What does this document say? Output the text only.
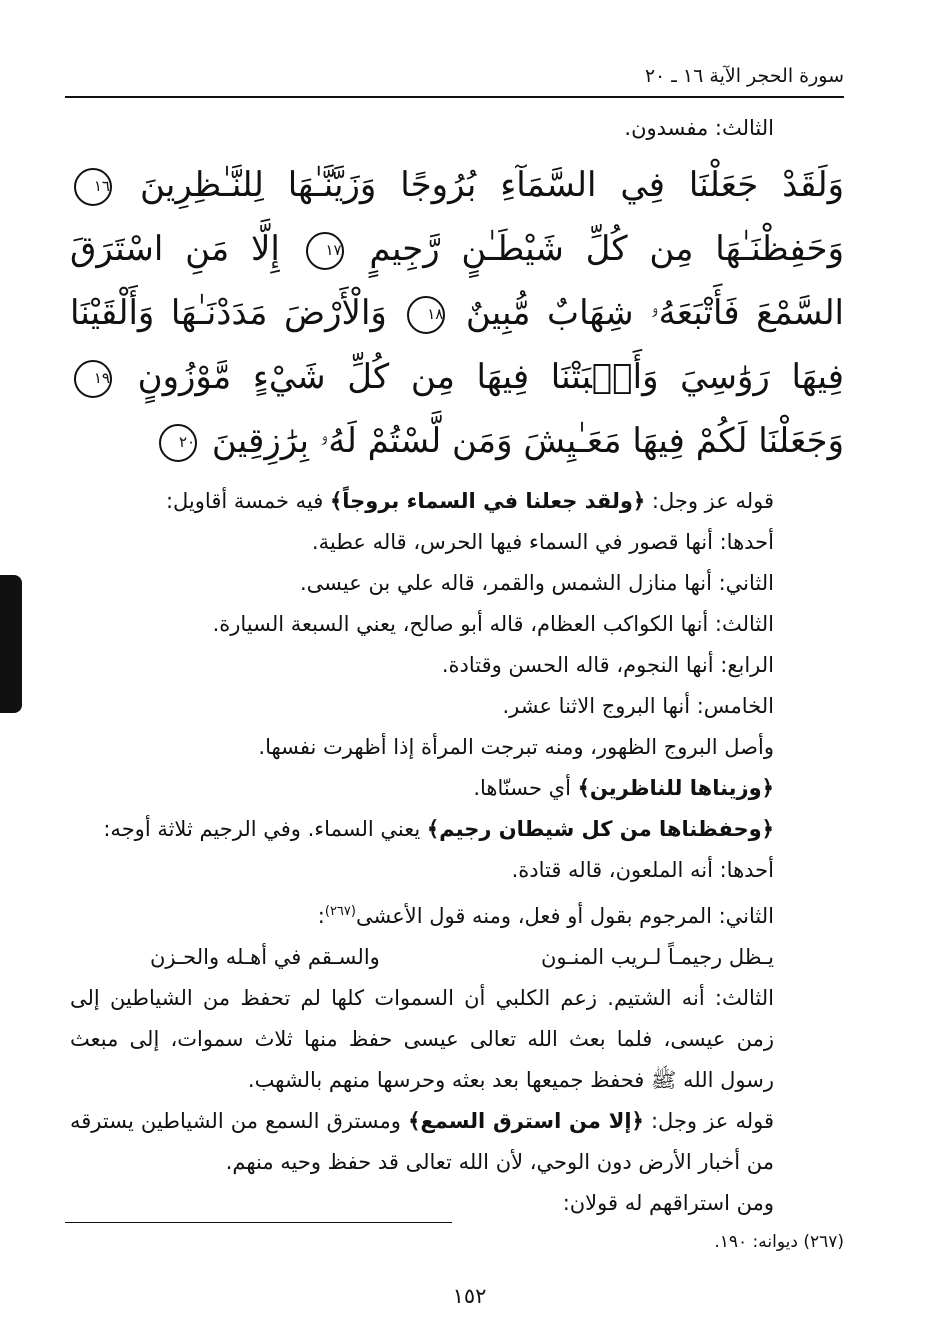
سورة الحجر الآية ١٦ ـ ٢٠

الثالث: مفسدون.

وَلَقَدْ جَعَلْنَا فِي السَّمَآءِ بُرُوجًا وَزَيَّنَّـٰهَا لِلنَّـٰظِرِينَ ١٦ وَحَفِظْنَـٰهَا مِن كُلِّ شَيْطَـٰنٍ رَّجِيمٍ ١٧ إِلَّا مَنِ اسْتَرَقَ السَّمْعَ فَأَتْبَعَهُۥ شِهَابٌ مُّبِينٌ ١٨ وَالْأَرْضَ مَدَدْنَـٰهَا وَأَلْقَيْنَا فِيهَا رَوَٰسِيَ وَأَنۢبَتْنَا فِيهَا مِن كُلِّ شَيْءٍ مَّوْزُونٍ ١٩ وَجَعَلْنَا لَكُمْ فِيهَا مَعَـٰيِشَ وَمَن لَّسْتُمْ لَهُۥ بِرَٰزِقِينَ ٢٠

قوله عز وجل: ﴿ولقد جعلنا في السماء بروجاً﴾ فيه خمسة أقاويل:

أحدها: أنها قصور في السماء فيها الحرس، قاله عطية.

الثاني: أنها منازل الشمس والقمر، قاله علي بن عيسى.

الثالث: أنها الكواكب العظام، قاله أبو صالح، يعني السبعة السيارة.

الرابع: أنها النجوم، قاله الحسن وقتادة.

الخامس: أنها البروج الاثنا عشر.

وأصل البروج الظهور، ومنه تبرجت المرأة إذا أظهرت نفسها.

﴿وزيناها للناظرين﴾ أي حسنّاها.

﴿وحفظناها من كل شيطان رجيم﴾ يعني السماء. وفي الرجيم ثلاثة أوجه:

أحدها: أنه الملعون، قاله قتادة.

الثاني: المرجوم بقول أو فعل، ومنه قول الأعشى$^{(٢٦٧)}$:

يـظل رجيمـاً لـريب المنـون
والسـقم في أهـله والحـزن

الثالث: أنه الشتيم. زعم الكلبي أن السموات كلها لم تحفظ من الشياطين إلى زمن عيسى، فلما بعث الله تعالى عيسى حفظ منها ثلاث سموات، إلى مبعث رسول الله ﷺ فحفظ جميعها بعد بعثه وحرسها منهم بالشهب.

قوله عز وجل: ﴿إلا من استرق السمع﴾ ومسترق السمع من الشياطين يسترقه من أخبار الأرض دون الوحي، لأن الله تعالى قد حفظ وحيه منهم.

ومن استراقهم له قولان:

(٢٦٧) ديوانه: ١٩٠.
١٥٢
